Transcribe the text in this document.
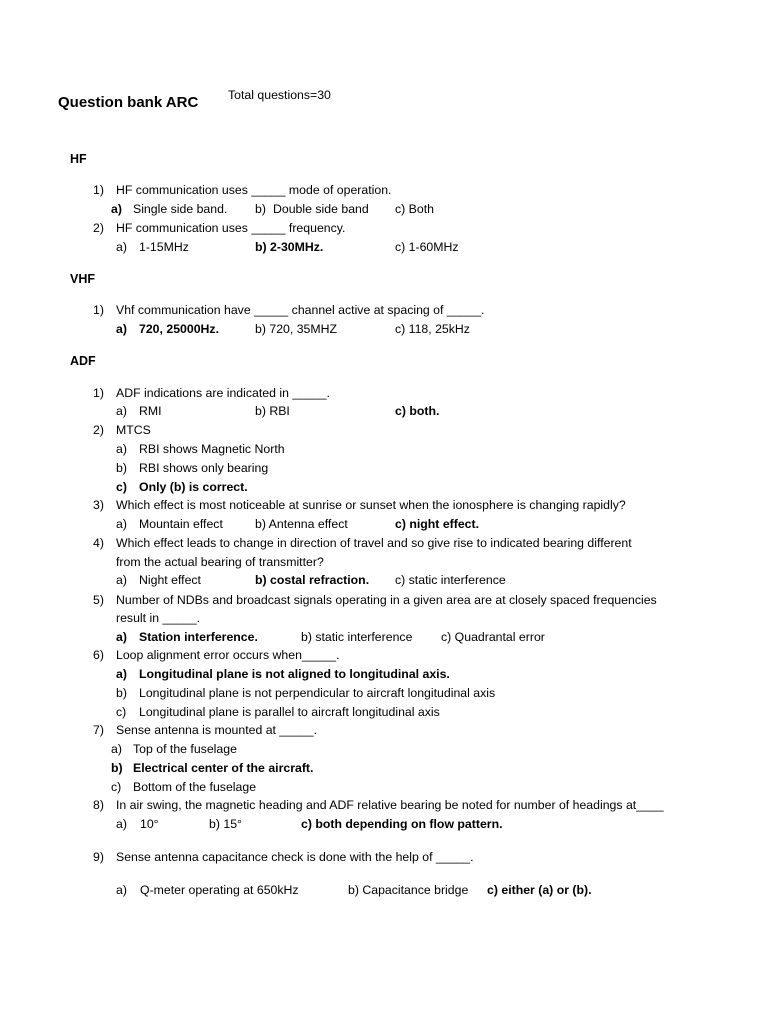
Question bank ARC Total questions=30
HF
1) HF communication uses _____ mode of operation.
a) Single side band. b) Double side band c) Both
2) HF communication uses _____ frequency.
a) 1-15MHz	b) 2-30MHz.	c) 1-60MHz
VHF
1) Vhf communication have _____ channel active at spacing of _____.
a) 720, 25000Hz.	b) 720, 35MHZ	c) 118, 25kHz
ADF
1) ADF indications are indicated in _____.
a) RMI	b) RBI	c) both.
2) MTCS
a) RBI shows Magnetic North
b) RBI shows only bearing
c) Only (b) is correct.
3) Which effect is most noticeable at sunrise or sunset when the ionosphere is changing rapidly?
a) Mountain effect	b) Antenna effect	c) night effect.
4) Which effect leads to change in direction of travel and so give rise to indicated bearing different
from the actual bearing of transmitter?
a) Night effect	b) costal refraction. c) static interference
5) Number of NDBs and broadcast signals operating in a given area are at closely spaced frequencies
result in _____.
a) Station interference.	b) static interference c) Quadrantal error
6) Loop alignment error occurs when_____.
a) Longitudinal plane is not aligned to longitudinal axis.
b) Longitudinal plane is not perpendicular to aircraft longitudinal axis
c) Longitudinal plane is parallel to aircraft longitudinal axis
7) Sense antenna is mounted at _____.
a) Top of the fuselage
b) Electrical center of the aircraft.
c) Bottom of the fuselage
8) In air swing, the magnetic heading and ADF relative bearing be noted for number of headings at____
a) 10°	b) 15°	c) both depending on flow pattern.
9) Sense antenna capacitance check is done with the help of _____.
a) Q-meter operating at 650kHz	b) Capacitance bridge c) either (a) or (b).
